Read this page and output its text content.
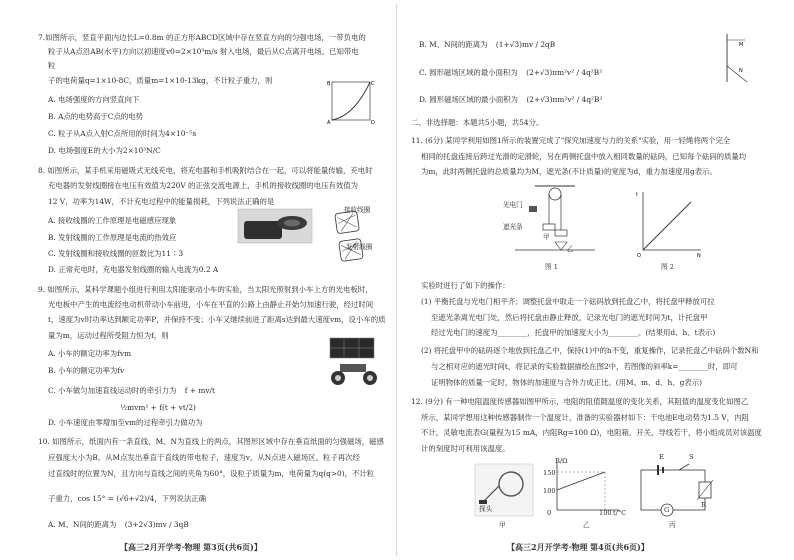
7.如图所示，竖直平面内边长L=0.8m 的正方形ABCD区域中存在竖直方向的匀强电场，一带负电的
粒子从A点沿AB(水平)方向以初速度v0=2×10³m/s 射入电场，最后从C点离开电场。已知带电
粒
子的电荷量q=1×10-8C，质量m=1×10-13kg，不计粒子重力，则
A. 电场强度的方向竖直向下
B. A点的电势高于C点的电势
C. 粒子从A点入射C点所用的时间为4×10⁻⁵s
D. 电场强度E的大小为2×10³N/C
B
A
C
D
8. 如图所示，某手机采用磁吸式无线充电，将充电器和手机吸附结合在一起，可以将能量传输，充电时
充电器的发射线圈接在电压有效值为220V 的正弦交流电源上，手机的接收线圈的电压有效值为
12 V，功率为14W，不计充电过程中的能量损耗，下列说法正确的是
A. 接收线圈的工作原理是电磁感应现象
B. 发射线圈的工作原理是电流的热效应
C. 发射线圈和接收线圈的匝数比为11∶3
D. 正常充电时，充电器发射线圈的输入电流为0.2 A
接收线圈
发射线圈
9. 如图所示，某科学课题小组进行利用太阳能驱动小车的实验，当太阳光照射到小车上方的光电板时，
光电板中产生的电流经电动机带动小车前进，小车在平直的公路上由静止开始匀加速行驶，经过时间
t，速度为v时功率达到额定功率P，并保持不变；小车又继续前进了距离s达到最大速度vm，设小车的质
量为m，运动过程所受阻力恒为f，则
A. 小车的额定功率为fvm
B. 小车的额定功率为fv
C. 小车做匀加速直线运动时的牵引力为 f + mv/t
½mvm² + f(t + vt/2)
D. 小车速度由零增加至vm的过程牵引力做功为
10. 如图所示，纸面内有一条直线，M、N为直线上的两点，其图形区域中存在垂直纸面的匀强磁场，磁感
应强度大小为B。从M点发出垂直于直线的带电粒子，速度为v，从N点进入磁场区。粒子再次经
过直线时的位置为N，且方向与直线之间的夹角为60°，设粒子质量为m，电荷量为q(q>0)，不计粒
子重力，cos 15° = (√6+√2)/4，下列说法正确
A. M、N间的距离为 (3+2√3)mv / 3qB
【高三2月开学考·物理 第3页(共6页)】
B. M、N间的距离为 (1+√3)mv / 2qB
C. 圆形磁场区域的最小面积为 (2+√3)πm²v² / 4q²B²
D. 圆形磁场区域的最小面积为 (2+√3)πm²v² / 4q²B²
M
N
二、非选择题：本题共5小题，共54分。
11. (6分) 某同学利用如图1所示的装置完成了"探究加速度与力的关系"实验，用一轻绳将两个完全
相同的托盘连接后跨过光滑的定滑轮，另在两侧托盘中放入相同数量的砝码，已知每个砝码的质量均
为m，此时两侧托盘的总质量均为M，遮光条(不计质量)的宽度为d，重力加速度用g表示。
光电门
遮光条
甲
乙
图 1
t
N
O
图 2
实验时进行了如下的操作：
(1) 平衡托盘与光电门相平齐；调整托盘中取走一个砝码放到托盘乙中，将托盘甲释放可拉
至遮光条离光电门处，然后将托盘由静止释放，记录光电门的遮光时间为t，计托盘甲
经过光电门的速度为________，托盘甲的加速度大小为________。(结果用d、h、t表示)
(2) 将托盘甲中的砝码逐个地放到托盘乙中，保持(1)中的h不变，重复操作，记录托盘乙中砝码个数N和
与之相对应的遮光时间t，将记录的实验数据描绘在图2中，若图像的斜率k=________时，即可
证明物体的质量一定时，物体的加速度与合外力成正比。(用M、m、d、h、g表示)
12. (9分) 有一种电阻温度传感器如图甲所示，电阻的阻值随温度的变化关系，其阻值的温度变化如图乙
所示，某同学想用这种传感器制作一个温度计，准备的实验器材如下：干电池E电动势为1.5 V，内阻
不计，灵敏电流表G(量程为15 mA，内阻Rg=100 Ω)，电阻箱，开关，导线若干，将小组成员对该温度
计的刻度时可利用该温度。
探头
甲
R/Ω
150
100
0	100 t/°C
乙
E	S
G
R
丙
【高三2月开学考·物理 第4页(共6页)】
